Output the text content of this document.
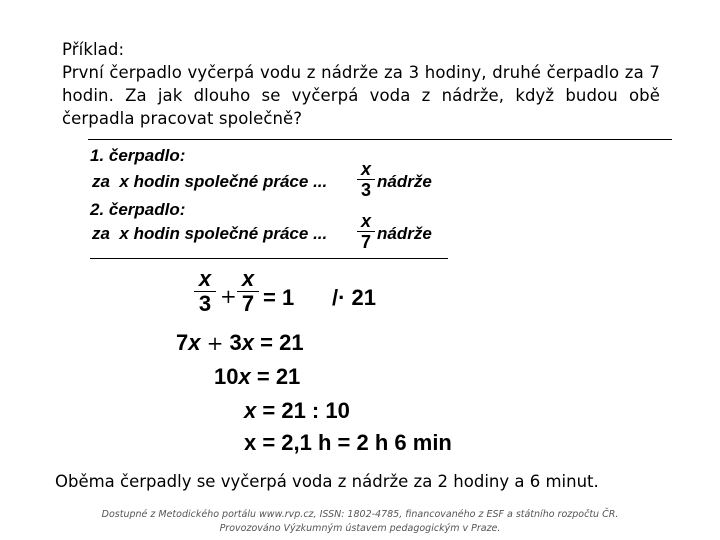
Příklad:
První čerpadlo vyčerpá vodu z nádrže za 3 hodiny, druhé čerpadlo za 7 hodin. Za jak dlouho se vyčerpá voda z nádrže, když budou obě čerpadla pracovat společně?
1. čerpadlo:
za  x hodin společné práce ...
x
3 nádrže
2. čerpadlo:
za  x hodin společné práce ...
x
7 nádrže
x
3 +
x
7 = 1 /· 21
7x + 3x = 21
10x = 21
x = 21 : 10
x = 2,1 h = 2 h 6 min
Oběma čerpadly se vyčerpá voda z nádrže za 2 hodiny a 6 minut.
Dostupné z Metodického portálu www.rvp.cz, ISSN: 1802-4785, financovaného z ESF a státního rozpočtu ČR.
Provozováno Výzkumným ústavem pedagogickým v Praze.
